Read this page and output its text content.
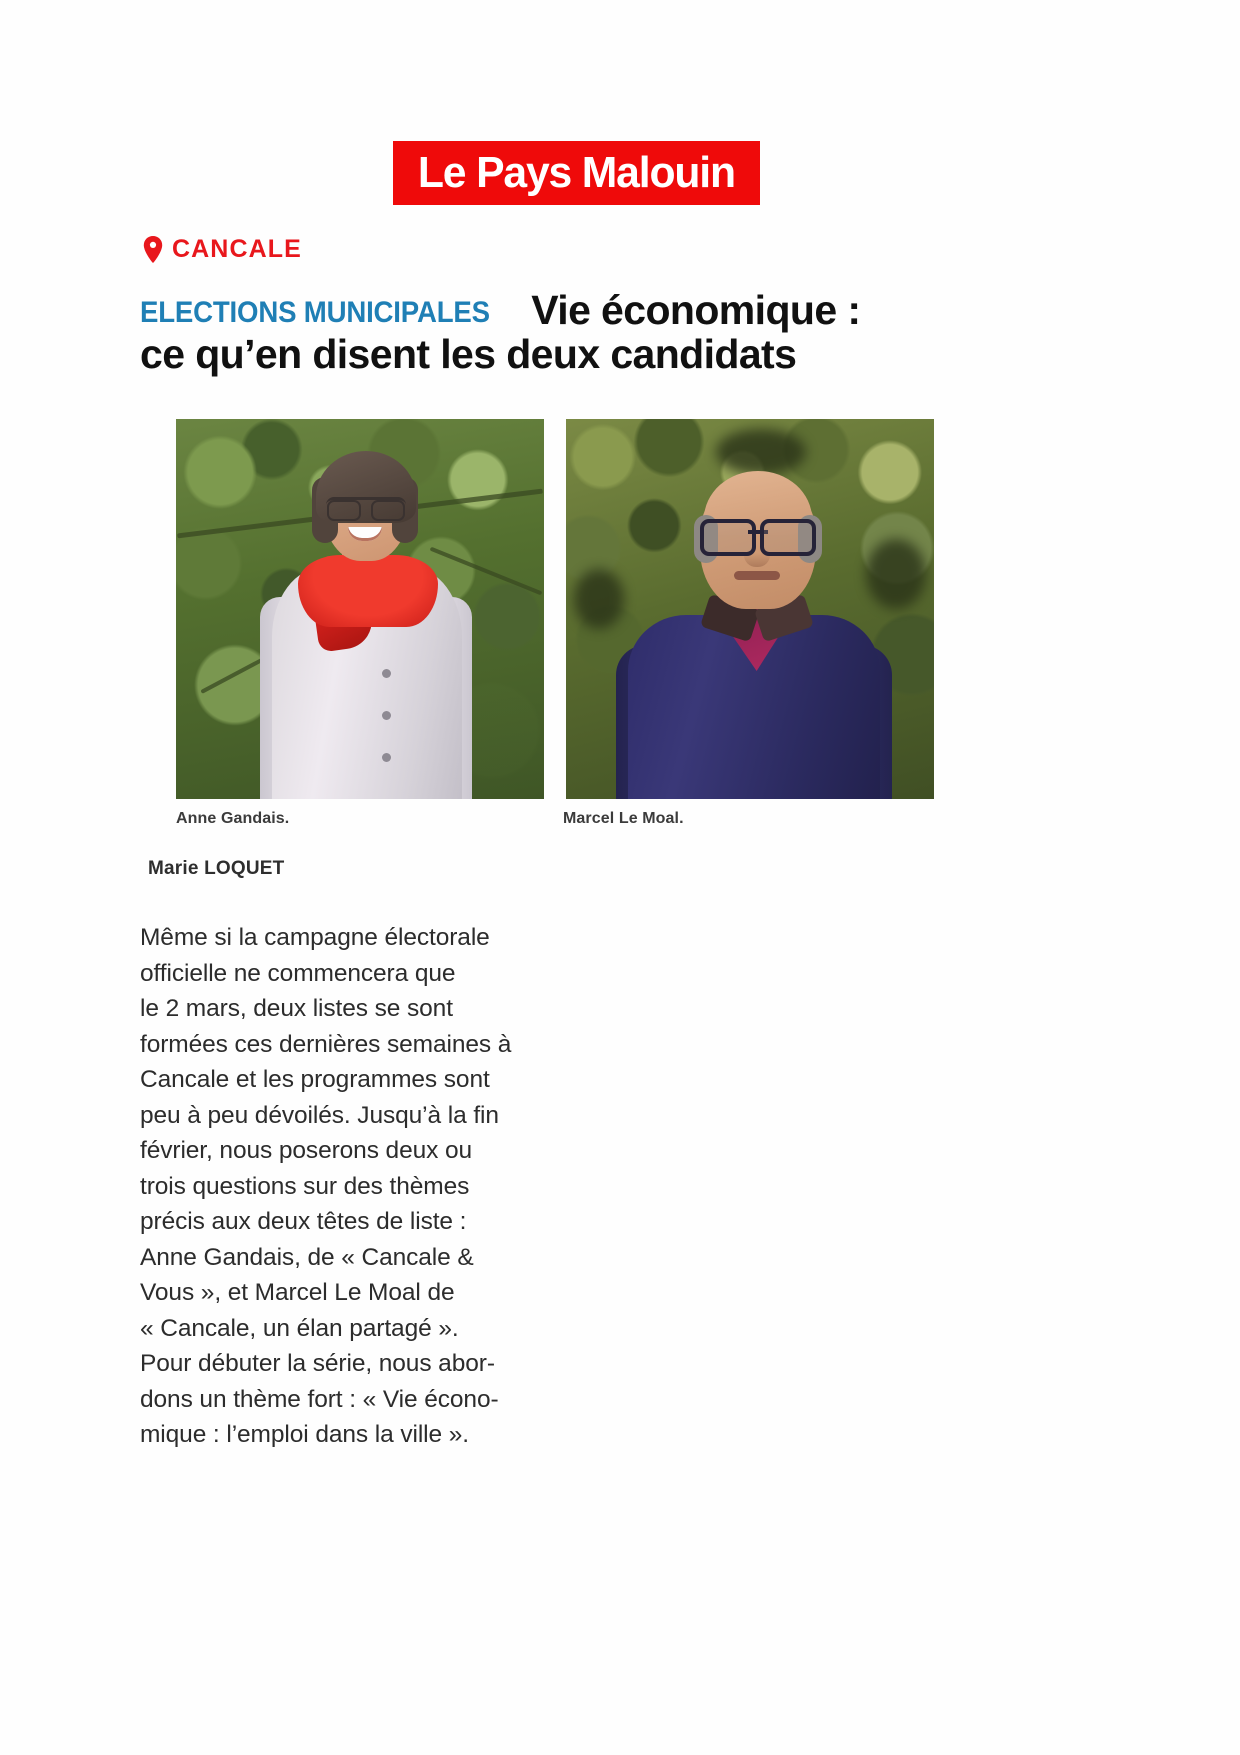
Le Pays Malouin
CANCALE
ELECTIONS MUNICIPALES Vie économique :
ce qu’en disent les deux candidats
Anne Gandais.	Marcel Le Moal.
Marie LOQUET
Même si la campagne électorale
officielle ne commencera que
le 2 mars, deux listes se sont
formées ces dernières semaines à
Cancale et les programmes sont
peu à peu dévoilés. Jusqu’à la fin
février, nous poserons deux ou
trois questions sur des thèmes
précis aux deux têtes de liste :
Anne Gandais, de « Cancale &
Vous », et Marcel Le Moal de
« Cancale, un élan partagé ».
Pour débuter la série, nous abor-
dons un thème fort : « Vie écono-
mique : l’emploi dans la ville ».
